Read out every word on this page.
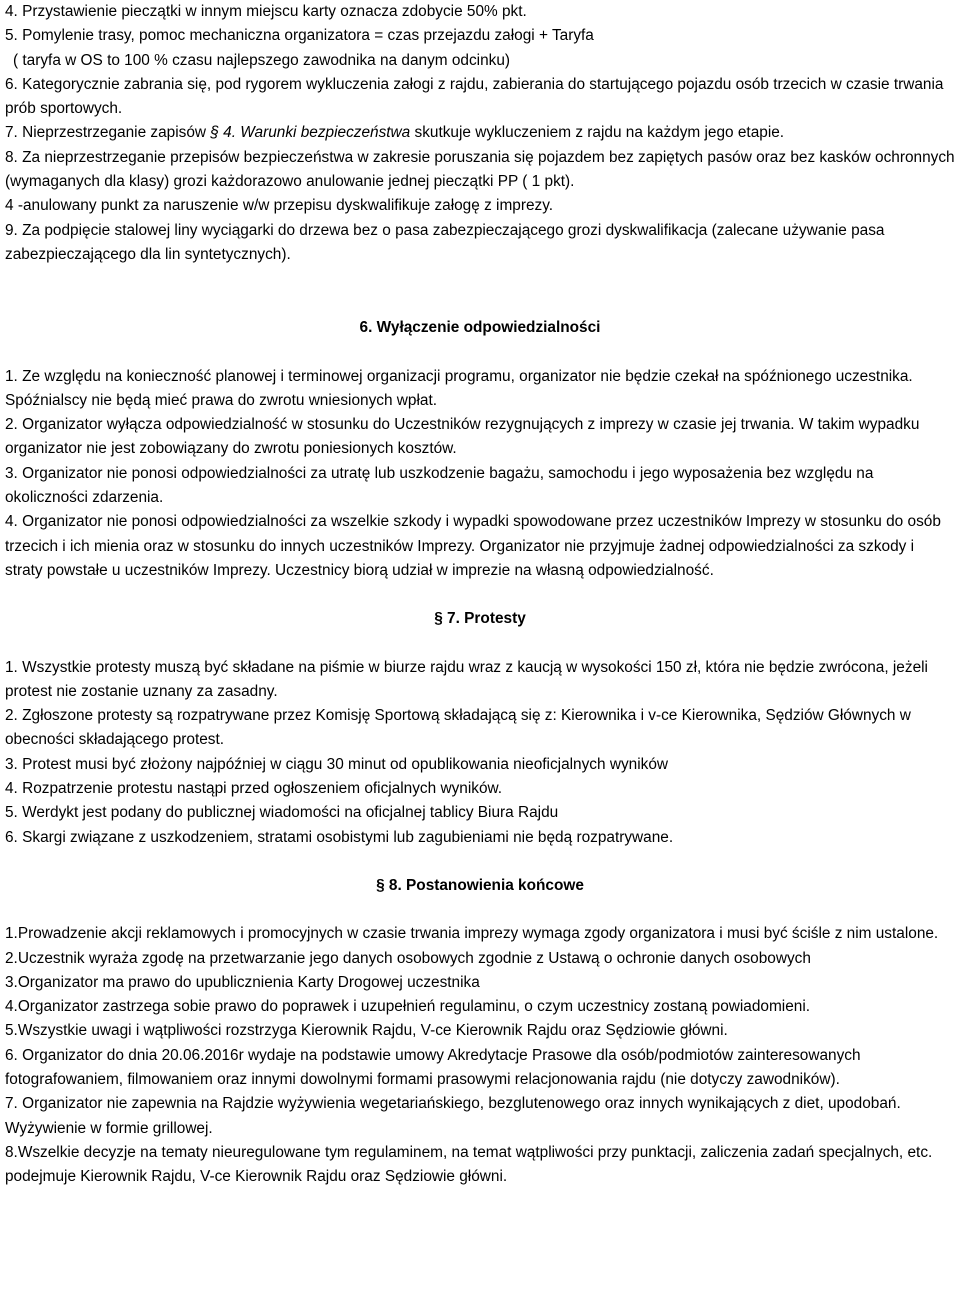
4. Przystawienie pieczątki w innym miejscu karty oznacza zdobycie 50% pkt.

5. Pomylenie trasy, pomoc mechaniczna organizatora = czas przejazdu załogi + Taryfa

( taryfa w OS to 100 % czasu najlepszego zawodnika na danym odcinku)

6. Kategorycznie zabrania się, pod rygorem wykluczenia załogi z rajdu, zabierania do startującego pojazdu osób trzecich w czasie trwania prób sportowych.

7. Nieprzestrzeganie zapisów § 4. Warunki bezpieczeństwa skutkuje wykluczeniem z rajdu na każdym jego etapie.

8. Za nieprzestrzeganie przepisów bezpieczeństwa w zakresie poruszania się pojazdem bez zapiętych pasów oraz bez kasków ochronnych (wymaganych dla klasy) grozi każdorazowo anulowanie jednej pieczątki PP ( 1 pkt).

4 -anulowany punkt za naruszenie w/w przepisu dyskwalifikuje załogę z imprezy.

9. Za podpięcie stalowej liny wyciągarki do drzewa bez o pasa zabezpieczającego grozi dyskwalifikacja (zalecane używanie pasa zabezpieczającego dla lin syntetycznych).

6. Wyłączenie odpowiedzialności

1. Ze względu na konieczność planowej i terminowej organizacji programu, organizator nie będzie czekał na spóźnionego uczestnika. Spóźnialscy nie będą mieć prawa do zwrotu wniesionych wpłat.

2. Organizator wyłącza odpowiedzialność w stosunku do Uczestników rezygnujących z imprezy w czasie jej trwania. W takim wypadku organizator nie jest zobowiązany do zwrotu poniesionych kosztów.

3. Organizator nie ponosi odpowiedzialności za utratę lub uszkodzenie bagażu, samochodu i jego wyposażenia bez względu na okoliczności zdarzenia.

4. Organizator nie ponosi odpowiedzialności za wszelkie szkody i wypadki spowodowane przez uczestników Imprezy w stosunku do osób trzecich i ich mienia oraz w stosunku do innych uczestników Imprezy. Organizator nie przyjmuje żadnej odpowiedzialności za szkody i straty powstałe u uczestników Imprezy. Uczestnicy biorą udział w imprezie na własną odpowiedzialność.

§ 7. Protesty

1. Wszystkie protesty muszą być składane na piśmie w biurze rajdu wraz z kaucją w wysokości 150 zł, która nie będzie zwrócona, jeżeli protest nie zostanie uznany za zasadny.

2. Zgłoszone protesty są rozpatrywane przez Komisję Sportową składającą się z: Kierownika i v-ce Kierownika, Sędziów Głównych w obecności składającego protest.

3. Protest musi być złożony najpóźniej w ciągu 30 minut od opublikowania nieoficjalnych wyników

4. Rozpatrzenie protestu nastąpi przed ogłoszeniem oficjalnych wyników.

5. Werdykt jest podany do publicznej wiadomości na oficjalnej tablicy Biura Rajdu

6. Skargi związane z uszkodzeniem, stratami osobistymi lub zagubieniami nie będą rozpatrywane.

§ 8. Postanowienia końcowe

1.Prowadzenie akcji reklamowych i promocyjnych w czasie trwania imprezy wymaga zgody organizatora i musi być ściśle z nim ustalone.

2.Uczestnik wyraża zgodę na przetwarzanie jego danych osobowych zgodnie z Ustawą o ochronie danych osobowych

3.Organizator ma prawo do upublicznienia Karty Drogowej uczestnika

4.Organizator zastrzega sobie prawo do poprawek i uzupełnień regulaminu, o czym uczestnicy zostaną powiadomieni.

5.Wszystkie uwagi i wątpliwości rozstrzyga Kierownik Rajdu, V-ce Kierownik Rajdu oraz Sędziowie główni.

6. Organizator do dnia 20.06.2016r wydaje na podstawie umowy Akredytacje Prasowe dla osób/podmiotów zainteresowanych fotografowaniem, filmowaniem oraz innymi dowolnymi formami prasowymi relacjonowania rajdu (nie dotyczy zawodników).

7. Organizator nie zapewnia na Rajdzie wyżywienia wegetariańskiego, bezglutenowego oraz innych wynikających z diet, upodobań. Wyżywienie w formie grillowej.

8.Wszelkie decyzje na tematy nieuregulowane tym regulaminem, na temat wątpliwości przy punktacji, zaliczenia zadań specjalnych, etc. podejmuje Kierownik Rajdu, V-ce Kierownik Rajdu oraz Sędziowie główni.
